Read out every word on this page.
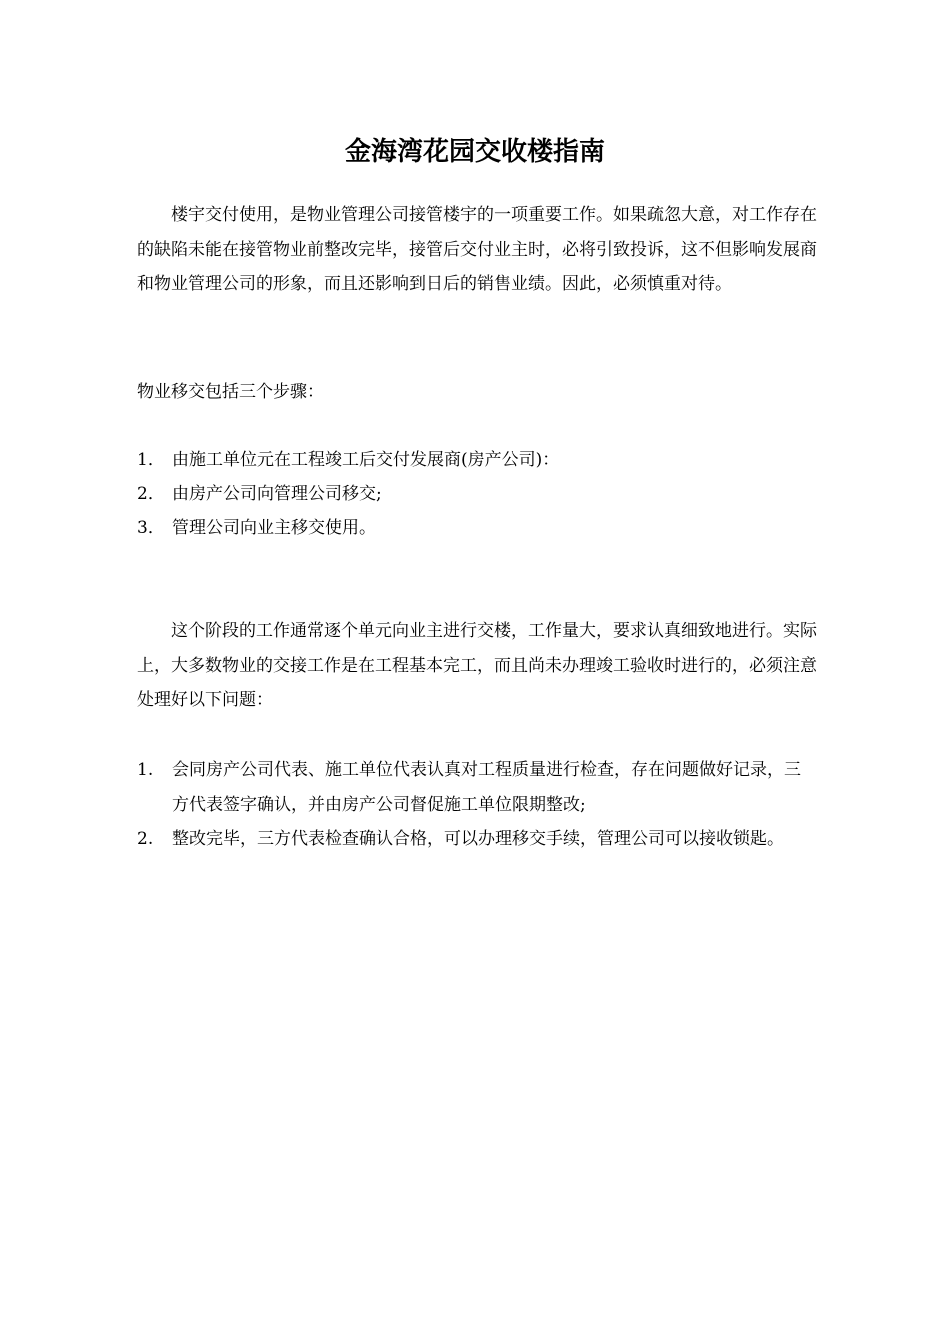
金海湾花园交收楼指南

楼宇交付使用，是物业管理公司接管楼宇的一项重要工作。如果疏忽大意，对工作存在的缺陷未能在接管物业前整改完毕，接管后交付业主时，必将引致投诉，这不但影响发展商和物业管理公司的形象，而且还影响到日后的销售业绩。因此，必须慎重对待。

物业移交包括三个步骤：

1． 由施工单位元在工程竣工后交付发展商(房产公司)：
2． 由房产公司向管理公司移交;
3． 管理公司向业主移交使用。

这个阶段的工作通常逐个单元向业主进行交楼，工作量大，要求认真细致地进行。实际上，大多数物业的交接工作是在工程基本完工，而且尚未办理竣工验收时进行的，必须注意处理好以下问题：

1. 会同房产公司代表、施工单位代表认真对工程质量进行检查，存在问题做好记录，三方代表签字确认，并由房产公司督促施工单位限期整改;
2. 整改完毕，三方代表检查确认合格，可以办理移交手续，管理公司可以接收锁匙。
